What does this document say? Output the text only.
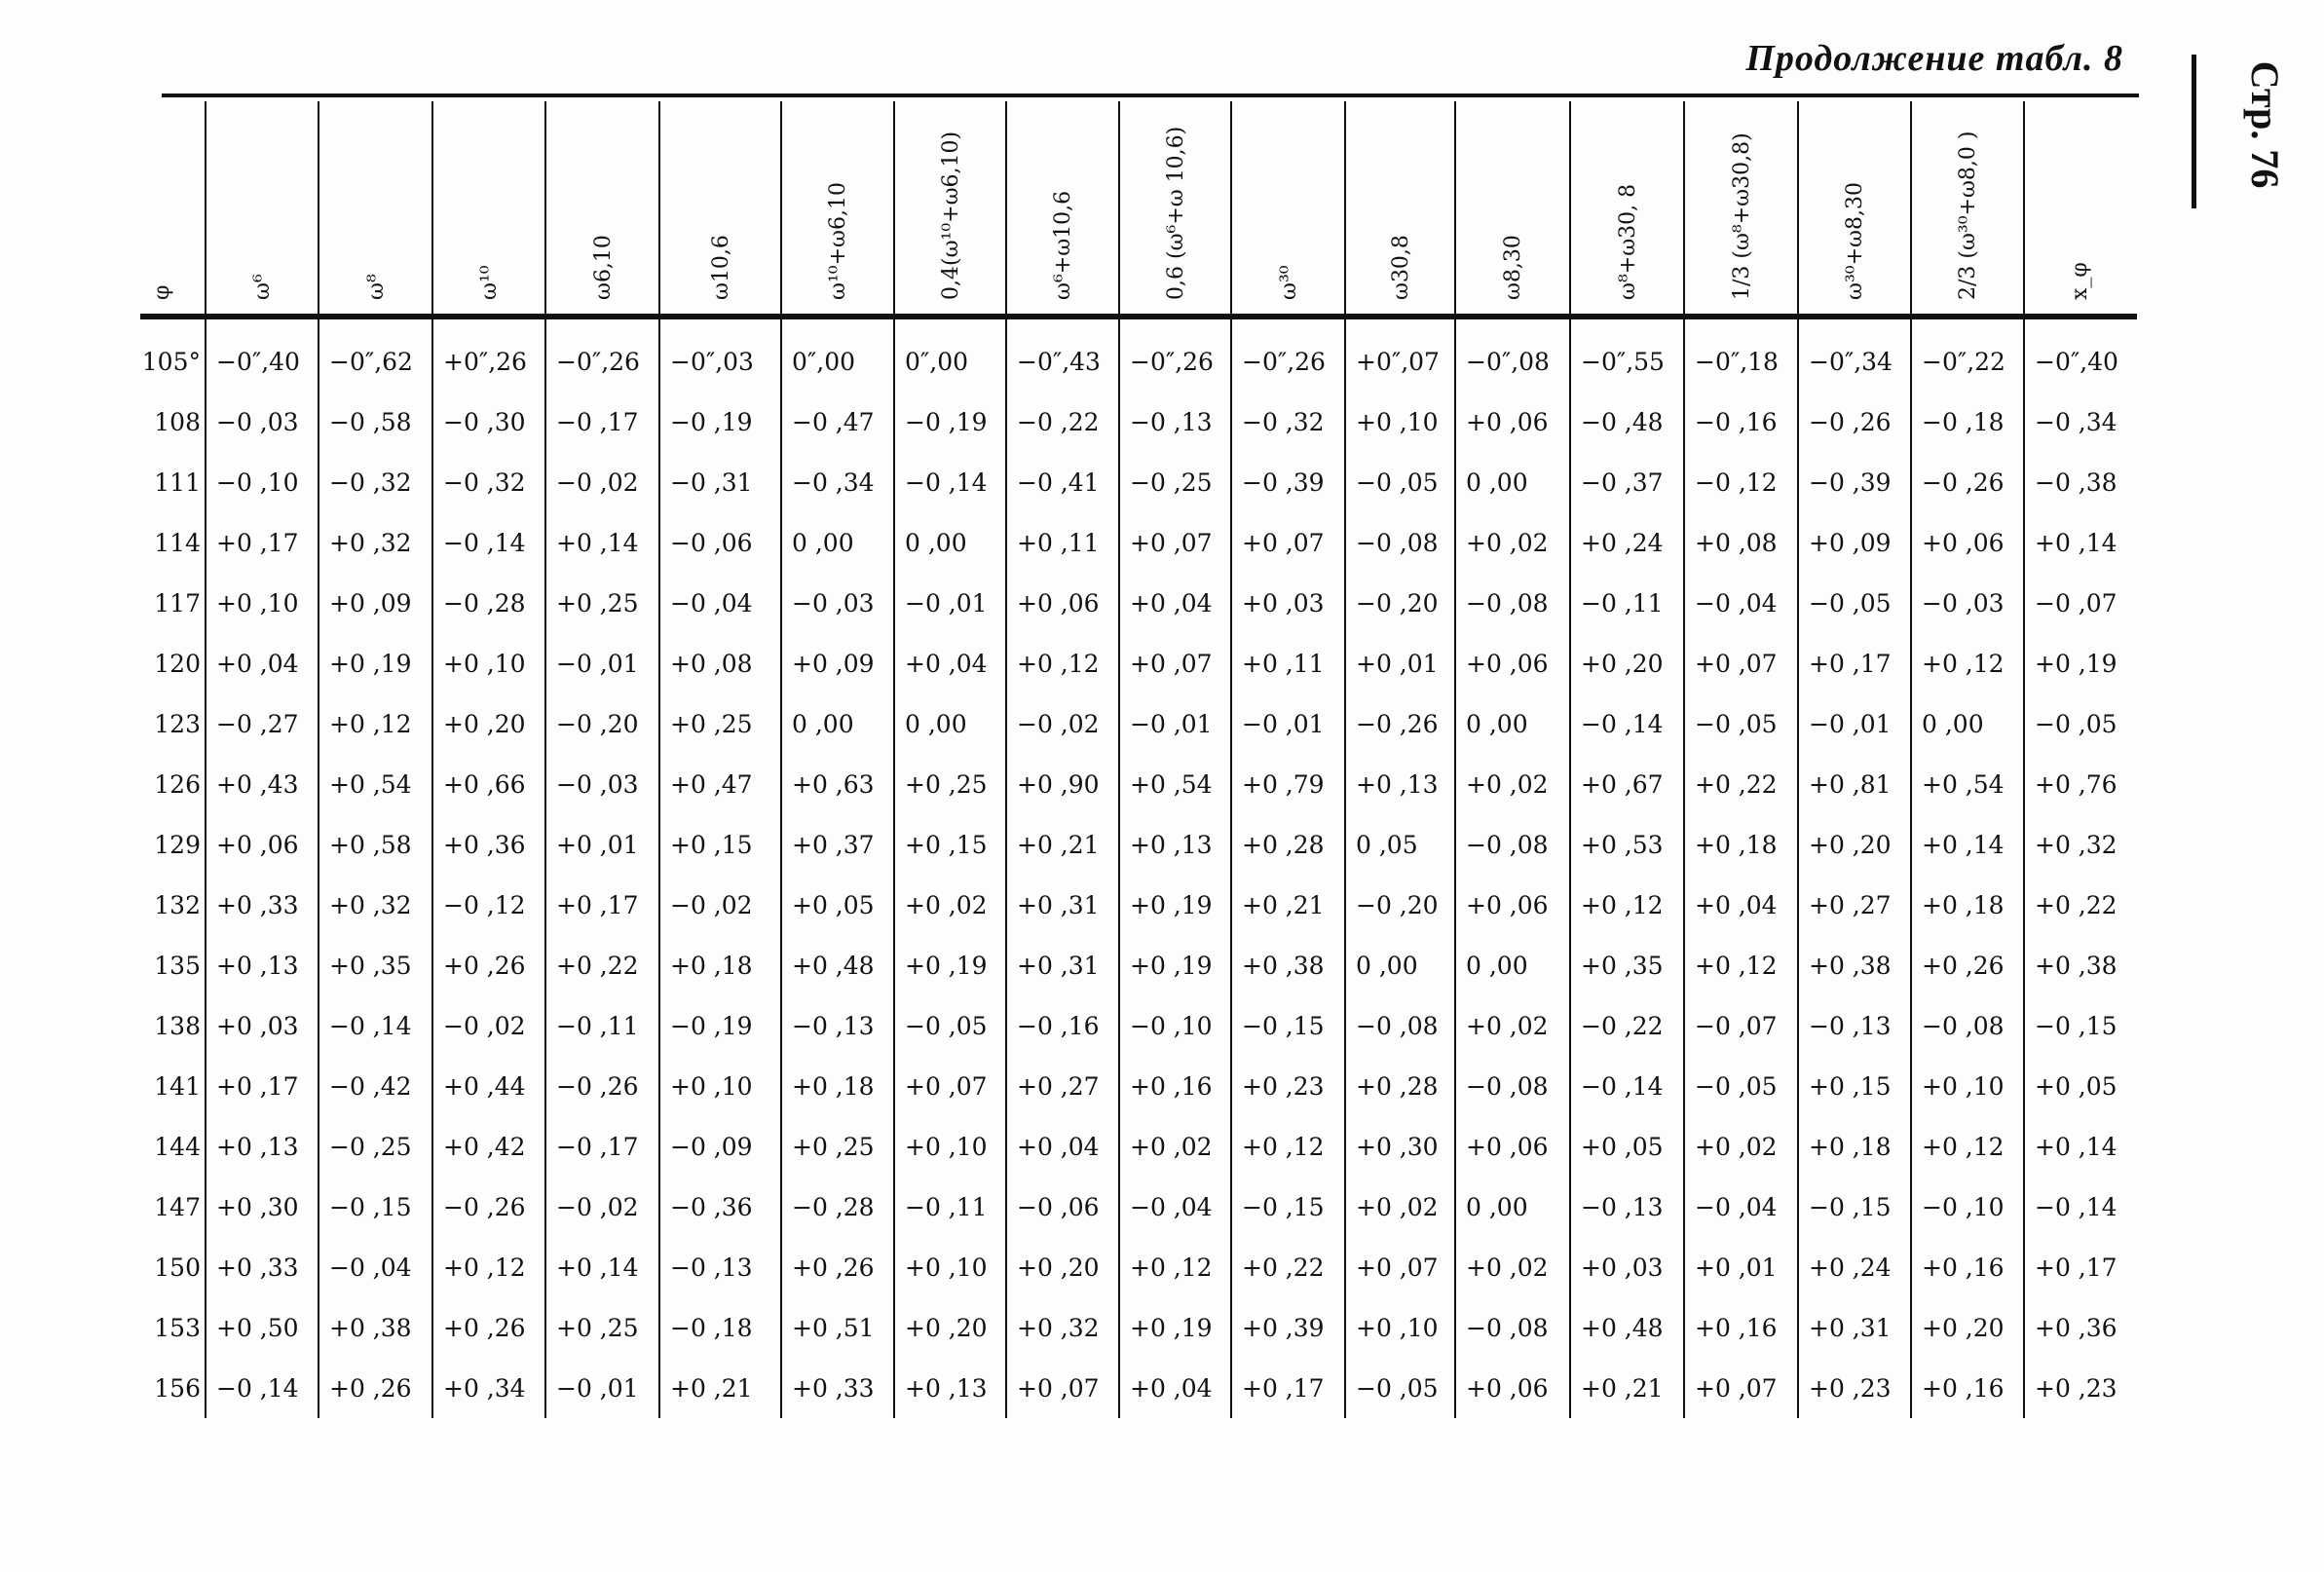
Продолжение табл. 8
Стр. 76
φ	ω⁶	ω⁸	ω¹⁰	ω6,10	ω10,6	ω¹⁰+ω6,10	0,4(ω¹⁰+ω6,10)	ω⁶+ω10,6	0,6 (ω⁶+ω 10,6)	ω³⁰	ω30,8	ω8,30	ω⁸+ω30, 8	1/3 (ω⁸+ω30,8)	ω³⁰+ω8,30	2/3 (ω³⁰+ω8,0 )	x_φ
105° −0″,40	−0″,62	+0″,26	−0″,26	−0″,03	0″,00	0″,00	−0″,43	−0″,26	−0″,26	+0″,07	−0″,08	−0″,55	−0″,18	−0″,34	−0″,22	−0″,40
108 −0 ,03	−0 ,58	−0 ,30	−0 ,17	−0 ,19	−0 ,47	−0 ,19	−0 ,22	−0 ,13	−0 ,32	+0 ,10	+0 ,06	−0 ,48	−0 ,16	−0 ,26	−0 ,18	−0 ,34
111 −0 ,10	−0 ,32	−0 ,32	−0 ,02	−0 ,31	−0 ,34	−0 ,14	−0 ,41	−0 ,25	−0 ,39	−0 ,05	0 ,00	−0 ,37	−0 ,12	−0 ,39	−0 ,26	−0 ,38
114 +0 ,17	+0 ,32	−0 ,14	+0 ,14	−0 ,06	0 ,00	0 ,00	+0 ,11	+0 ,07	+0 ,07	−0 ,08	+0 ,02	+0 ,24	+0 ,08	+0 ,09	+0 ,06	+0 ,14
117 +0 ,10	+0 ,09	−0 ,28	+0 ,25	−0 ,04	−0 ,03	−0 ,01	+0 ,06	+0 ,04	+0 ,03	−0 ,20	−0 ,08	−0 ,11	−0 ,04	−0 ,05	−0 ,03	−0 ,07
120 +0 ,04	+0 ,19	+0 ,10	−0 ,01	+0 ,08	+0 ,09	+0 ,04	+0 ,12	+0 ,07	+0 ,11	+0 ,01	+0 ,06	+0 ,20	+0 ,07	+0 ,17	+0 ,12	+0 ,19
123 −0 ,27	+0 ,12	+0 ,20	−0 ,20	+0 ,25	0 ,00	0 ,00	−0 ,02	−0 ,01	−0 ,01	−0 ,26	0 ,00	−0 ,14	−0 ,05	−0 ,01	0 ,00	−0 ,05
126 +0 ,43	+0 ,54	+0 ,66	−0 ,03	+0 ,47	+0 ,63	+0 ,25	+0 ,90	+0 ,54	+0 ,79	+0 ,13	+0 ,02	+0 ,67	+0 ,22	+0 ,81	+0 ,54	+0 ,76
129 +0 ,06	+0 ,58	+0 ,36	+0 ,01	+0 ,15	+0 ,37	+0 ,15	+0 ,21	+0 ,13	+0 ,28	0 ,05	−0 ,08	+0 ,53	+0 ,18	+0 ,20	+0 ,14	+0 ,32
132 +0 ,33	+0 ,32	−0 ,12	+0 ,17	−0 ,02	+0 ,05	+0 ,02	+0 ,31	+0 ,19	+0 ,21	−0 ,20	+0 ,06	+0 ,12	+0 ,04	+0 ,27	+0 ,18	+0 ,22
135 +0 ,13	+0 ,35	+0 ,26	+0 ,22	+0 ,18	+0 ,48	+0 ,19	+0 ,31	+0 ,19	+0 ,38	0 ,00	0 ,00	+0 ,35	+0 ,12	+0 ,38	+0 ,26	+0 ,38
138 +0 ,03	−0 ,14	−0 ,02	−0 ,11	−0 ,19	−0 ,13	−0 ,05	−0 ,16	−0 ,10	−0 ,15	−0 ,08	+0 ,02	−0 ,22	−0 ,07	−0 ,13	−0 ,08	−0 ,15
141 +0 ,17	−0 ,42	+0 ,44	−0 ,26	+0 ,10	+0 ,18	+0 ,07	+0 ,27	+0 ,16	+0 ,23	+0 ,28	−0 ,08	−0 ,14	−0 ,05	+0 ,15	+0 ,10	+0 ,05
144 +0 ,13	−0 ,25	+0 ,42	−0 ,17	−0 ,09	+0 ,25	+0 ,10	+0 ,04	+0 ,02	+0 ,12	+0 ,30	+0 ,06	+0 ,05	+0 ,02	+0 ,18	+0 ,12	+0 ,14
147 +0 ,30	−0 ,15	−0 ,26	−0 ,02	−0 ,36	−0 ,28	−0 ,11	−0 ,06	−0 ,04	−0 ,15	+0 ,02	0 ,00	−0 ,13	−0 ,04	−0 ,15	−0 ,10	−0 ,14
150 +0 ,33	−0 ,04	+0 ,12	+0 ,14	−0 ,13	+0 ,26	+0 ,10	+0 ,20	+0 ,12	+0 ,22	+0 ,07	+0 ,02	+0 ,03	+0 ,01	+0 ,24	+0 ,16	+0 ,17
153 +0 ,50	+0 ,38	+0 ,26	+0 ,25	−0 ,18	+0 ,51	+0 ,20	+0 ,32	+0 ,19	+0 ,39	+0 ,10	−0 ,08	+0 ,48	+0 ,16	+0 ,31	+0 ,20	+0 ,36
156 −0 ,14	+0 ,26	+0 ,34	−0 ,01	+0 ,21	+0 ,33	+0 ,13	+0 ,07	+0 ,04	+0 ,17	−0 ,05	+0 ,06	+0 ,21	+0 ,07	+0 ,23	+0 ,16	+0 ,23
